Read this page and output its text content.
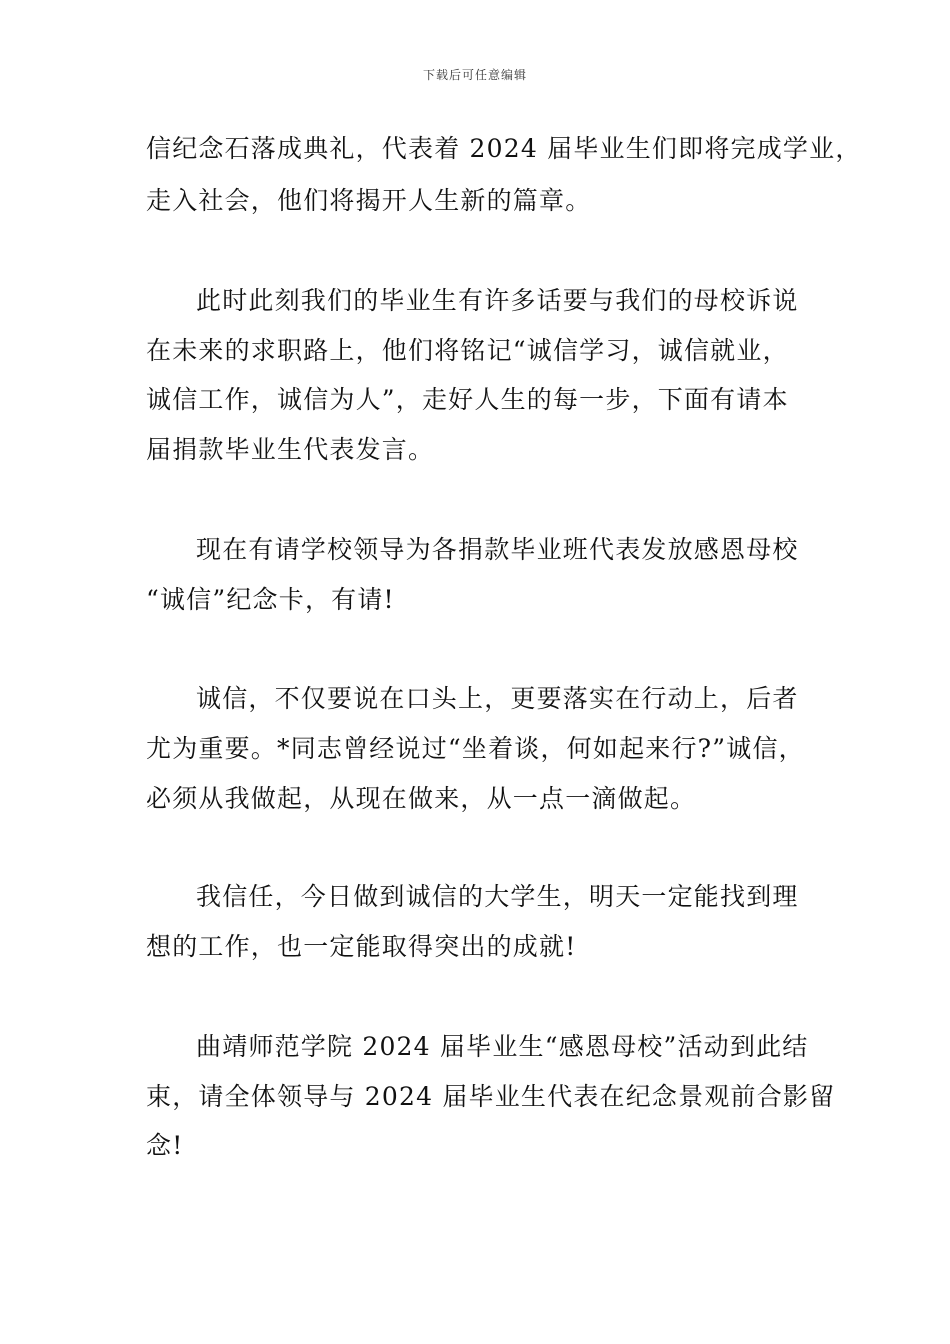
下载后可任意编辑
信纪念石落成典礼，代表着 2024 届毕业生们即将完成学业，
走入社会，他们将揭开人生新的篇章。
此时此刻我们的毕业生有许多话要与我们的母校诉说
在未来的求职路上，他们将铭记“诚信学习，诚信就业，
诚信工作，诚信为人”，走好人生的每一步，下面有请本
届捐款毕业生代表发言。
现在有请学校领导为各捐款毕业班代表发放感恩母校
“诚信”纪念卡，有请!
诚信，不仅要说在口头上，更要落实在行动上，后者
尤为重要。*同志曾经说过“坐着谈，何如起来行?”诚信，
必须从我做起，从现在做来，从一点一滴做起。
我信任，今日做到诚信的大学生，明天一定能找到理
想的工作，也一定能取得突出的成就!
曲靖师范学院 2024 届毕业生“感恩母校”活动到此结
束，请全体领导与 2024 届毕业生代表在纪念景观前合影留
念!
